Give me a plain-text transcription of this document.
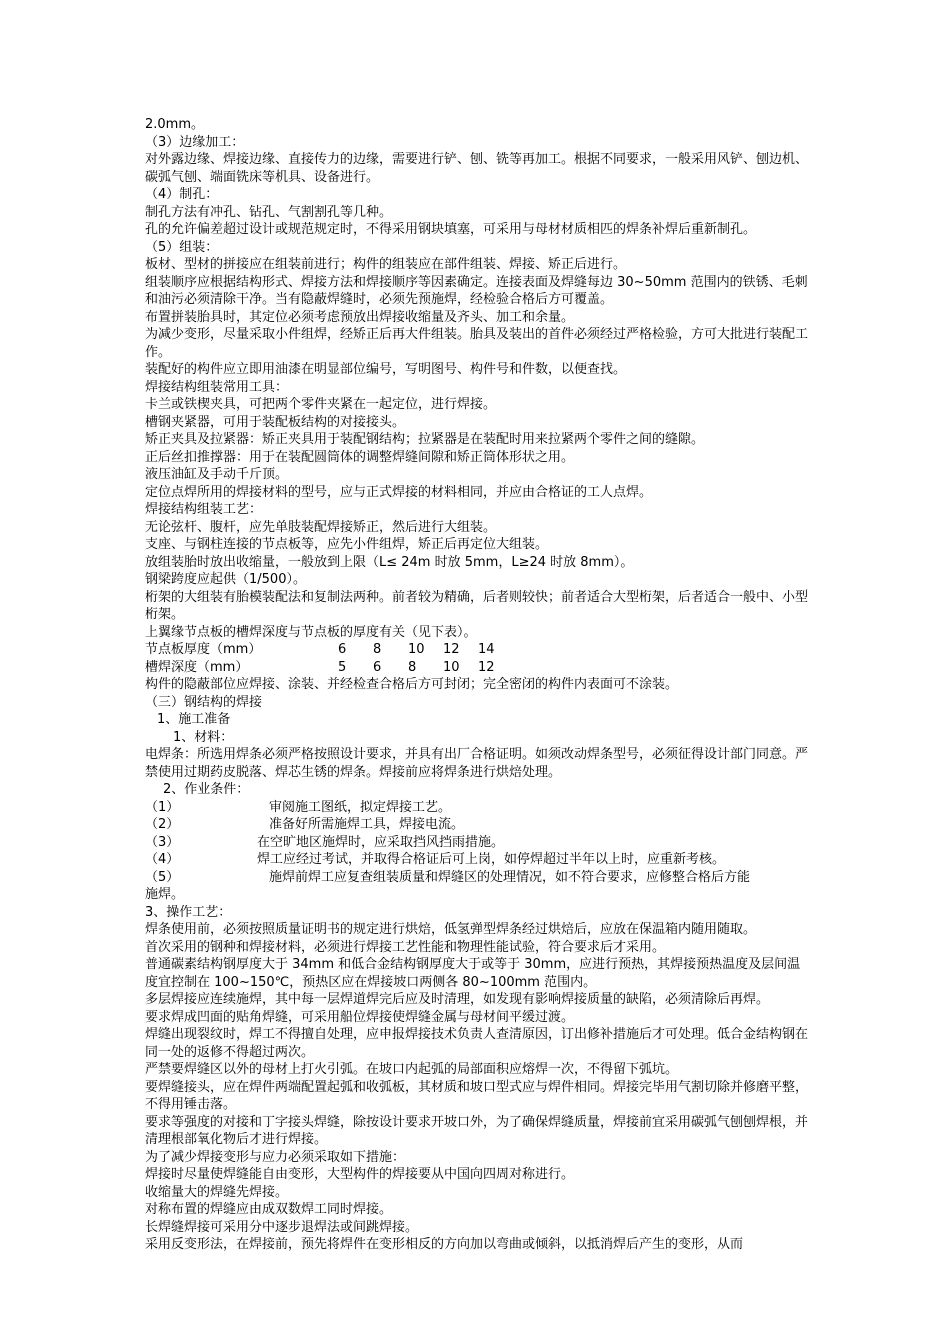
2.0mm。

（3）边缘加工：

对外露边缘、焊接边缘、直接传力的边缘，需要进行铲、刨、铣等再加工。根据不同要求，一般采用风铲、刨边机、碳弧气刨、端面铣床等机具、设备进行。

（4）制孔：

制孔方法有冲孔、钻孔、气割割孔等几种。

孔的允许偏差超过设计或规范规定时，不得采用钢块填塞，可采用与母材材质相匹的焊条补焊后重新制孔。

（5）组装：

板材、型材的拼接应在组装前进行；构件的组装应在部件组装、焊接、矫正后进行。

组装顺序应根据结构形式、焊接方法和焊接顺序等因素确定。连接表面及焊缝每边 30~50mm 范围内的铁锈、毛刺和油污必须清除干净。当有隐蔽焊缝时，必须先预施焊，经检验合格后方可覆盖。

布置拼装胎具时，其定位必须考虑预放出焊接收缩量及齐头、加工和余量。

为减少变形，尽量采取小件组焊，经矫正后再大件组装。胎具及装出的首件必须经过严格检验，方可大批进行装配工作。

装配好的构件应立即用油漆在明显部位编号，写明图号、构件号和件数，以便查找。

焊接结构组装常用工具：

卡兰或铁楔夹具，可把两个零件夹紧在一起定位，进行焊接。

槽钢夹紧器，可用于装配板结构的对接接头。

矫正夹具及拉紧器：矫正夹具用于装配钢结构；拉紧器是在装配时用来拉紧两个零件之间的缝隙。

正后丝扣推撑器：用于在装配圆筒体的调整焊缝间隙和矫正筒体形状之用。

液压油缸及手动千斤顶。

定位点焊所用的焊接材料的型号，应与正式焊接的材料相同，并应由合格证的工人点焊。

焊接结构组装工艺：

无论弦杆、腹杆，应先单肢装配焊接矫正，然后进行大组装。

支座、与钢柱连接的节点板等，应先小件组焊，矫正后再定位大组装。

放组装胎时放出收缩量，一般放到上限（L≤ 24m 时放 5mm，L≥24 时放 8mm）。

钢梁跨度应起供（1/500）。

桁架的大组装有胎模装配法和复制法两种。前者较为精确，后者则较快；前者适合大型桁架，后者适合一般中、小型桁架。

上翼缘节点板的槽焊深度与节点板的厚度有关（见下表）。

节点板厚度（mm）	6	8	10	12	14
槽焊深度（mm）	5	6	8	10	12

构件的隐蔽部位应焊接、涂装、并经检查合格后方可封闭；完全密闭的构件内表面可不涂装。

（三）钢结构的焊接

1、施工准备

1、材料：

电焊条：所选用焊条必须严格按照设计要求，并具有出厂合格证明。如须改动焊条型号，必须征得设计部门同意。严禁使用过期药皮脱落、焊芯生锈的焊条。焊接前应将焊条进行烘焙处理。

2、作业条件：

（1）	审阅施工图纸，拟定焊接工艺。
（2）	准备好所需施焊工具，焊接电流。
（3）	在空旷地区施焊时，应采取挡风挡雨措施。
（4）	焊工应经过考试，并取得合格证后可上岗，如停焊超过半年以上时，应重新考核。
（5）	施焊前焊工应复查组装质量和焊缝区的处理情况，如不符合要求，应修整合格后方能

施焊。

3、操作工艺：

焊条使用前，必须按照质量证明书的规定进行烘焙，低氢弹型焊条经过烘焙后，应放在保温箱内随用随取。

首次采用的钢种和焊接材料，必须进行焊接工艺性能和物理性能试验，符合要求后才采用。

普通碳素结构钢厚度大于 34mm 和低合金结构钢厚度大于或等于 30mm，应进行预热，其焊接预热温度及层间温度宜控制在 100~150℃，预热区应在焊接坡口两侧各 80~100mm 范围内。

多层焊接应连续施焊，其中每一层焊道焊完后应及时清理，如发现有影响焊接质量的缺陷，必须清除后再焊。

要求焊成凹面的贴角焊缝，可采用船位焊接使焊缝金属与母材间平缓过渡。

焊缝出现裂纹时，焊工不得擅自处理，应申报焊接技术负责人查清原因，订出修补措施后才可处理。低合金结构钢在同一处的返修不得超过两次。

严禁要焊缝区以外的母材上打火引弧。在坡口内起弧的局部面积应熔焊一次，不得留下弧坑。

要焊缝接头，应在焊件两端配置起弧和收弧板，其材质和坡口型式应与焊件相同。焊接完毕用气割切除并修磨平整，不得用锤击落。

要求等强度的对接和丁字接头焊缝，除按设计要求开坡口外，为了确保焊缝质量，焊接前宜采用碳弧气刨刨焊根，并清理根部氧化物后才进行焊接。

为了减少焊接变形与应力必须采取如下措施：

焊接时尽量使焊缝能自由变形，大型构件的焊接要从中国向四周对称进行。

收缩量大的焊缝先焊接。

对称布置的焊缝应由成双数焊工同时焊接。

长焊缝焊接可采用分中逐步退焊法或间跳焊接。

采用反变形法，在焊接前，预先将焊件在变形相反的方向加以弯曲或倾斜，以抵消焊后产生的变形，从而
